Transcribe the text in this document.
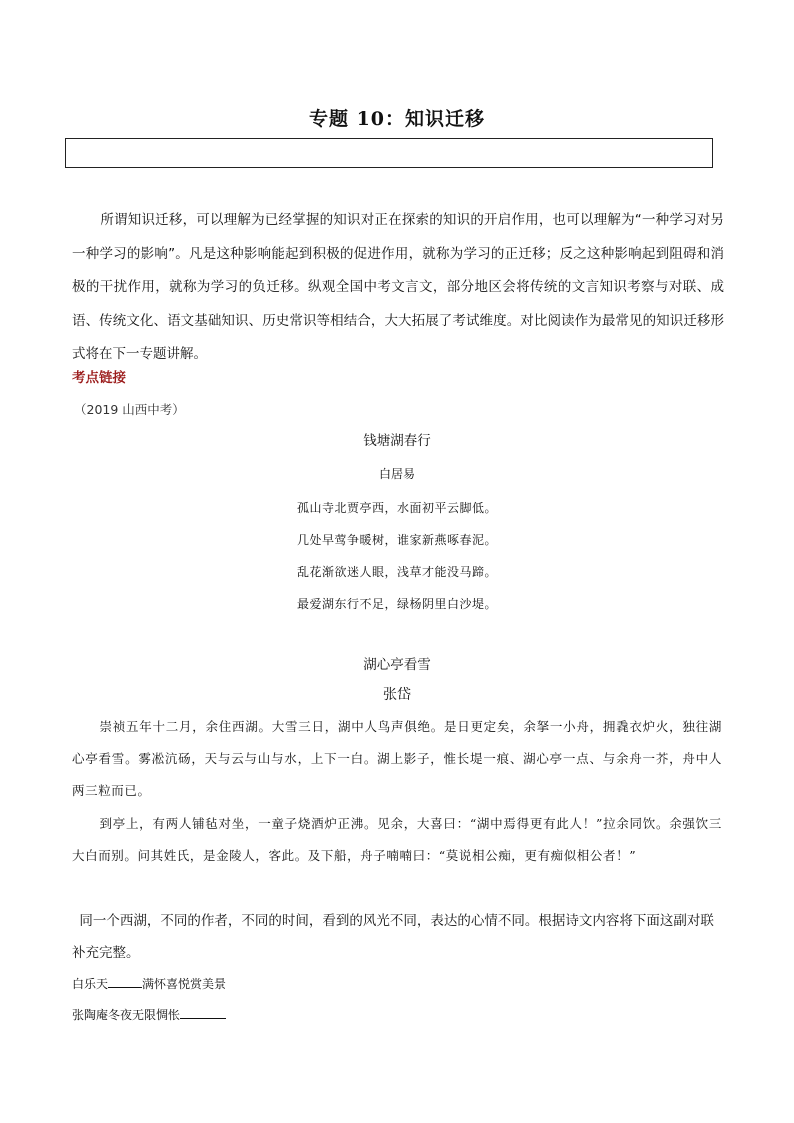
专题 10：知识迁移
所谓知识迁移，可以理解为已经掌握的知识对正在探索的知识的开启作用，也可以理解为“一种学习对另一种学习的影响”。凡是这种影响能起到积极的促进作用，就称为学习的正迁移；反之这种影响起到阻碍和消极的干扰作用，就称为学习的负迁移。纵观全国中考文言文，部分地区会将传统的文言知识考察与对联、成语、传统文化、语文基础知识、历史常识等相结合，大大拓展了考试维度。对比阅读作为最常见的知识迁移形式将在下一专题讲解。
考点链接
（2019 山西中考）
钱塘湖春行
白居易
孤山寺北贾亭西，水面初平云脚低。
几处早莺争暖树，谁家新燕啄春泥。
乱花渐欲迷人眼，浅草才能没马蹄。
最爱湖东行不足，绿杨阴里白沙堤。
湖心亭看雪
张岱
崇祯五年十二月，余住西湖。大雪三日，湖中人鸟声俱绝。是日更定矣，余拏一小舟，拥毳衣炉火，独往湖心亭看雪。雾凇沆砀，天与云与山与水，上下一白。湖上影子，惟长堤一痕、湖心亭一点、与余舟一芥，舟中人两三粒而已。
到亭上，有两人铺毡对坐，一童子烧酒炉正沸。见余，大喜曰：“湖中焉得更有此人！”拉余同饮。余强饮三大白而别。问其姓氏，是金陵人，客此。及下船，舟子喃喃曰：“莫说相公痴，更有痴似相公者！”
同一个西湖，不同的作者，不同的时间，看到的风光不同，表达的心情不同。根据诗文内容将下面这副对联补充完整。
白乐天	满怀喜悦赏美景
张陶庵冬夜无限惆怅
